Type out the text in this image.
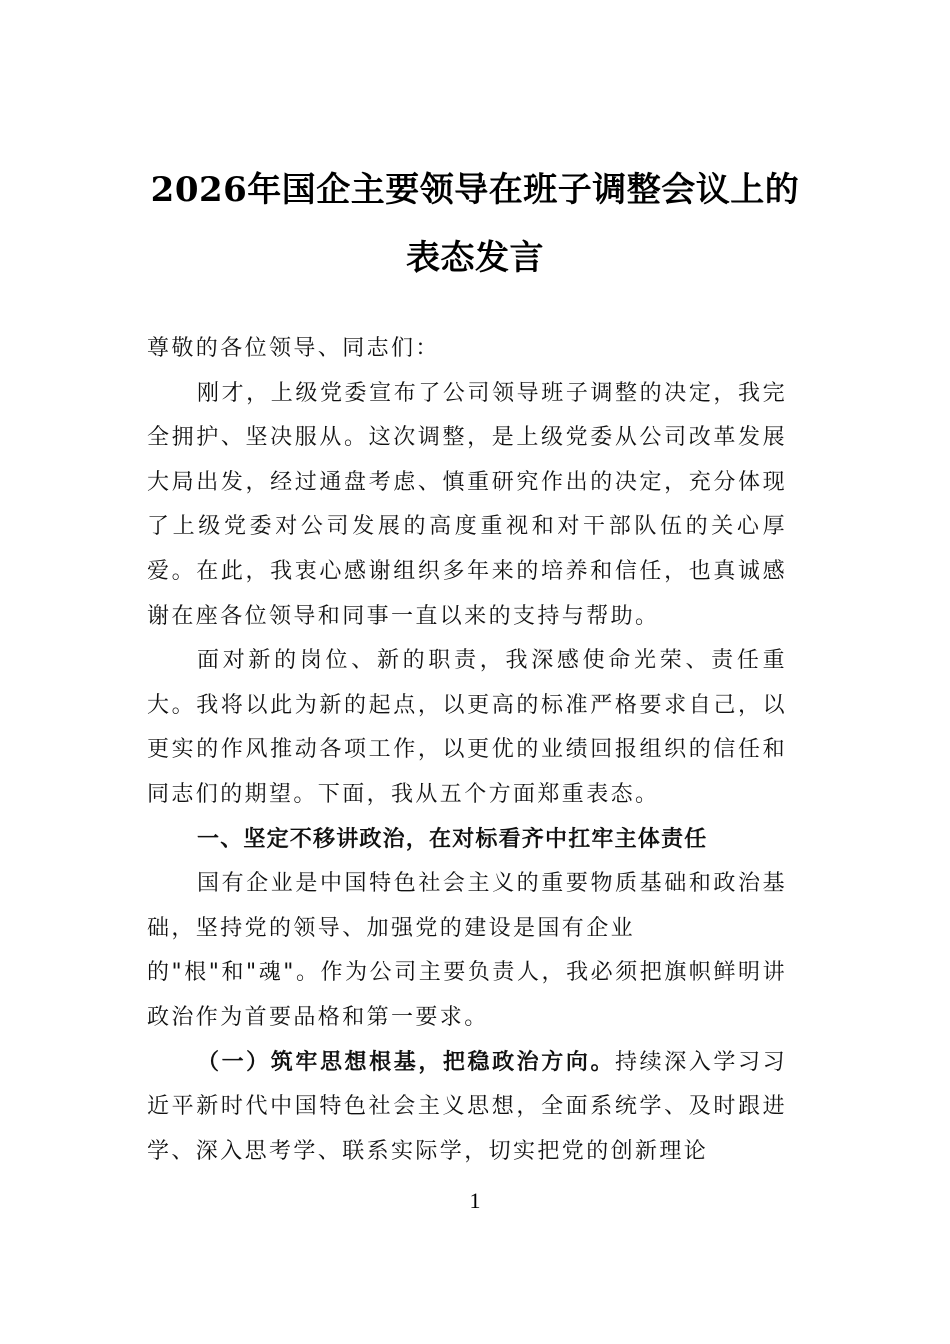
2026年国企主要领导在班子调整会议上的
表态发言

尊敬的各位领导、同志们：

刚才，上级党委宣布了公司领导班子调整的决定，我完全拥护、坚决服从。这次调整，是上级党委从公司改革发展大局出发，经过通盘考虑、慎重研究作出的决定，充分体现了上级党委对公司发展的高度重视和对干部队伍的关心厚爱。在此，我衷心感谢组织多年来的培养和信任，也真诚感谢在座各位领导和同事一直以来的支持与帮助。

面对新的岗位、新的职责，我深感使命光荣、责任重大。我将以此为新的起点，以更高的标准严格要求自己，以更实的作风推动各项工作，以更优的业绩回报组织的信任和同志们的期望。下面，我从五个方面郑重表态。

一、坚定不移讲政治，在对标看齐中扛牢主体责任

国有企业是中国特色社会主义的重要物质基础和政治基础，坚持党的领导、加强党的建设是国有企业
的"根"和"魂"。作为公司主要负责人，我必须把旗帜鲜明讲政治作为首要品格和第一要求。

（一）筑牢思想根基，把稳政治方向。持续深入学习习近平新时代中国特色社会主义思想，全面系统学、及时跟进学、深入思考学、联系实际学，切实把党的创新理论

1
